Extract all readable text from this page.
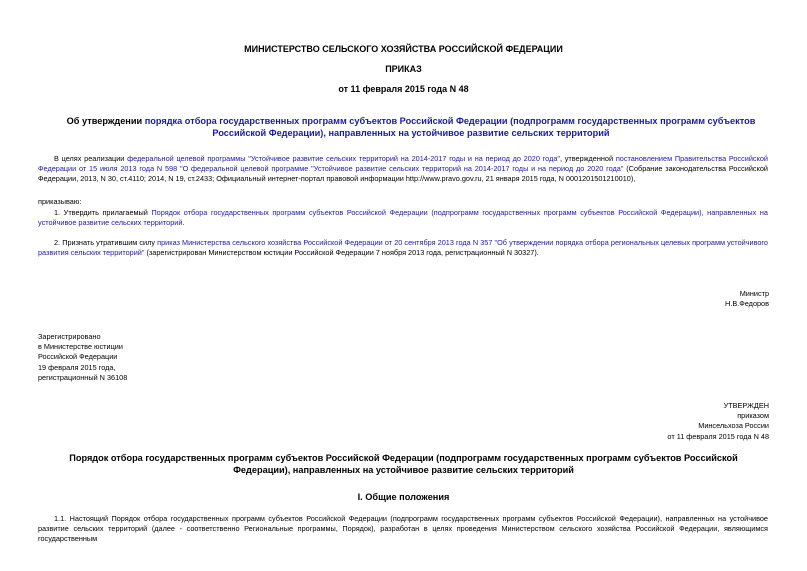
МИНИСТЕРСТВО СЕЛЬСКОГО ХОЗЯЙСТВА РОССИЙСКОЙ ФЕДЕРАЦИИ
ПРИКАЗ
от 11 февраля 2015 года N 48
Об утверждении порядка отбора государственных программ субъектов Российской Федерации (подпрограмм государственных программ субъектов Российской Федерации), направленных на устойчивое развитие сельских территорий
В целях реализации федеральной целевой программы "Устойчивое развитие сельских территорий на 2014-2017 годы и на период до 2020 года", утвержденной постановлением Правительства Российской Федерации от 15 июля 2013 года N 598 "О федеральной целевой программе "Устойчивое развитие сельских территорий на 2014-2017 годы и на период до 2020 года" (Собрание законодательства Российской Федерации, 2013, N 30, ст.4110; 2014, N 19, ст.2433; Официальный интернет-портал правовой информации http://www.pravo.gov.ru, 21 января 2015 года, N 0001201501210010),
приказываю:
1. Утвердить прилагаемый Порядок отбора государственных программ субъектов Российской Федерации (подпрограмм государственных программ субъектов Российской Федерации), направленных на устойчивое развитие сельских территорий.
2. Признать утратившим силу приказ Министерства сельского хозяйства Российской Федерации от 20 сентября 2013 года N 357 "Об утверждении порядка отбора региональных целевых программ устойчивого развития сельских территорий" (зарегистрирован Министерством юстиции Российской Федерации 7 ноября 2013 года, регистрационный N 30327).
Министр
Н.В.Федоров
Зарегистрировано
в Министерстве юстиции
Российской Федерации
19 февраля 2015 года,
регистрационный N 36108
УТВЕРЖДЕН
приказом
Минсельхоза России
от 11 февраля 2015 года N 48
Порядок отбора государственных программ субъектов Российской Федерации (подпрограмм государственных программ субъектов Российской Федерации), направленных на устойчивое развитие сельских территорий
I. Общие положения
1.1. Настоящий Порядок отбора государственных программ субъектов Российской Федерации (подпрограмм государственных программ субъектов Российской Федерации), направленных на устойчивое развитие сельских территорий (далее - соответственно Региональные программы, Порядок), разработан в целях проведения Министерством сельского хозяйства Российской Федерации, являющимся государственным
